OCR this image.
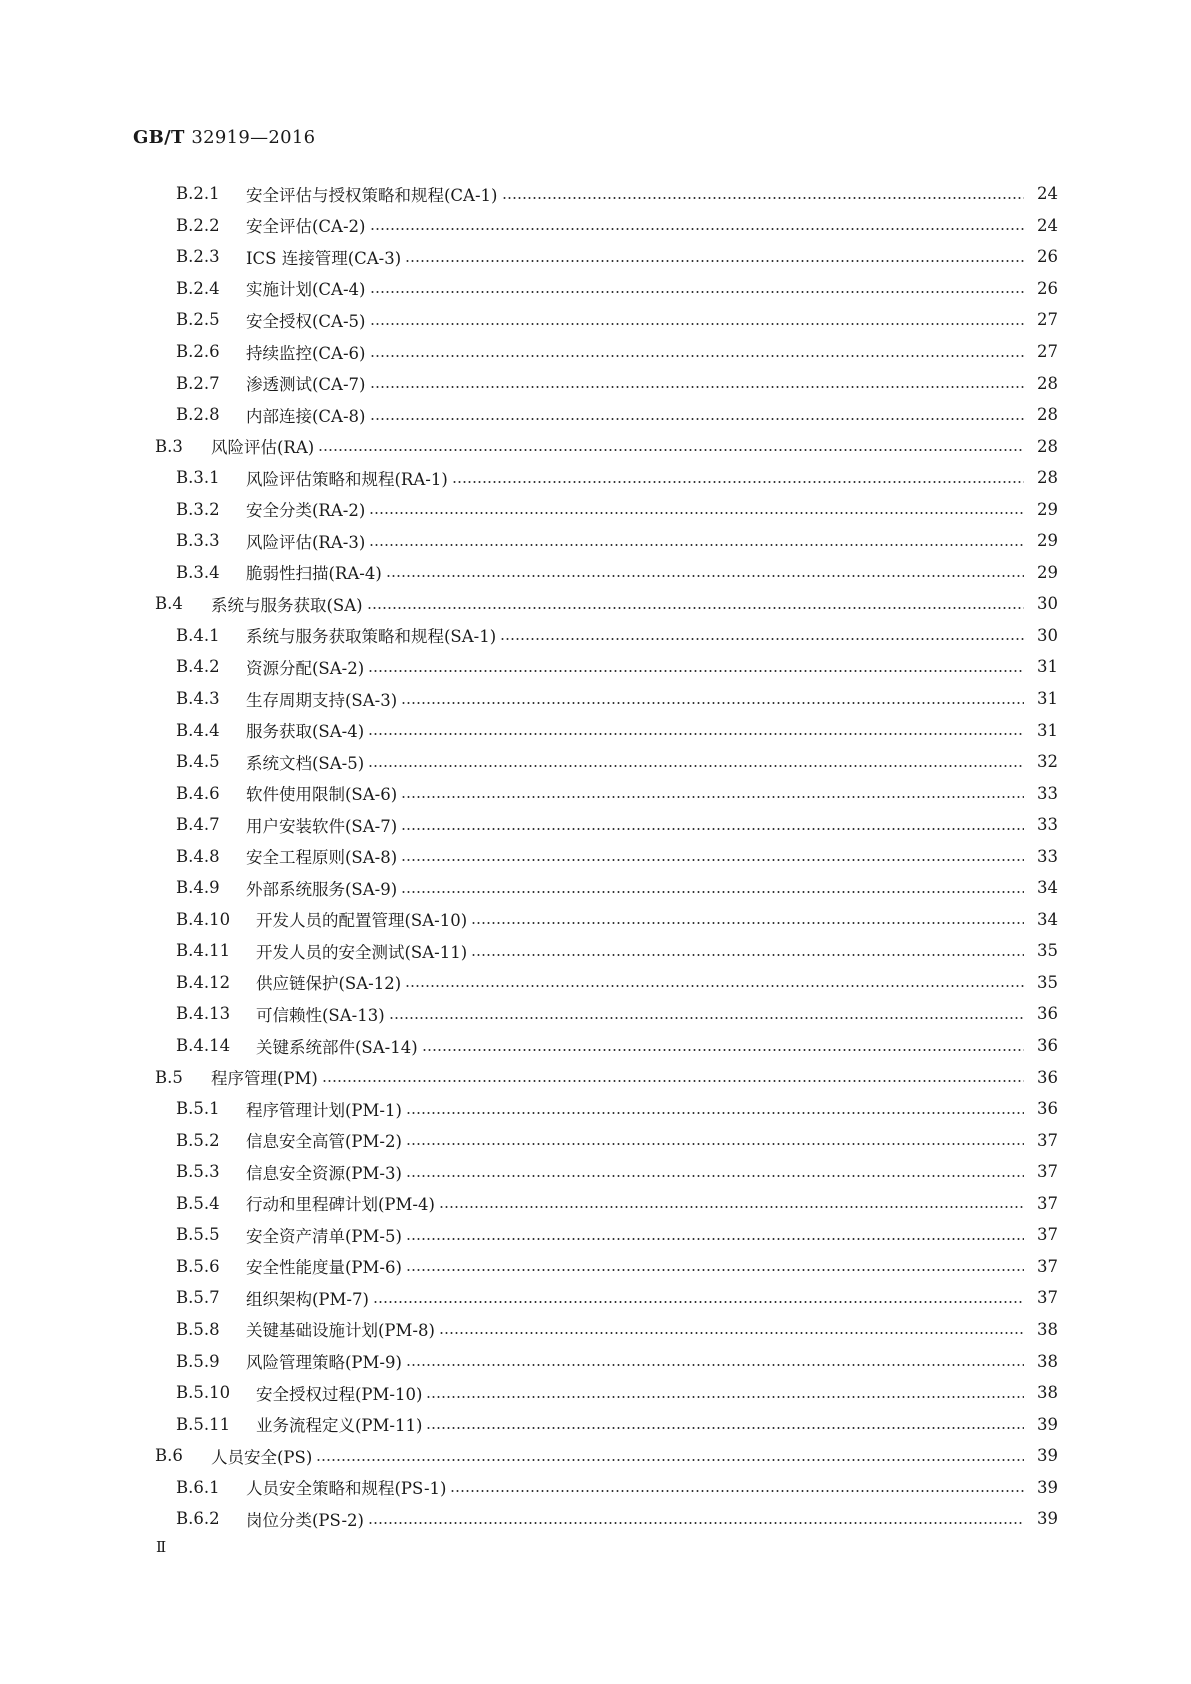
GB/T 32919—2016
B.2.1	安全评估与授权策略和规程(CA-1)	24
B.2.2	安全评估(CA-2)	24
B.2.3	ICS 连接管理(CA-3)	26
B.2.4	实施计划(CA-4)	26
B.2.5	安全授权(CA-5)	27
B.2.6	持续监控(CA-6)	27
B.2.7	渗透测试(CA-7)	28
B.2.8	内部连接(CA-8)	28
B.3	风险评估(RA)	28
B.3.1	风险评估策略和规程(RA-1)	28
B.3.2	安全分类(RA-2)	29
B.3.3	风险评估(RA-3)	29
B.3.4	脆弱性扫描(RA-4)	29
B.4	系统与服务获取(SA)	30
B.4.1	系统与服务获取策略和规程(SA-1)	30
B.4.2	资源分配(SA-2)	31
B.4.3	生存周期支持(SA-3)	31
B.4.4	服务获取(SA-4)	31
B.4.5	系统文档(SA-5)	32
B.4.6	软件使用限制(SA-6)	33
B.4.7	用户安装软件(SA-7)	33
B.4.8	安全工程原则(SA-8)	33
B.4.9	外部系统服务(SA-9)	34
B.4.10	开发人员的配置管理(SA-10)	34
B.4.11	开发人员的安全测试(SA-11)	35
B.4.12	供应链保护(SA-12)	35
B.4.13	可信赖性(SA-13)	36
B.4.14	关键系统部件(SA-14)	36
B.5	程序管理(PM)	36
B.5.1	程序管理计划(PM-1)	36
B.5.2	信息安全高管(PM-2)	37
B.5.3	信息安全资源(PM-3)	37
B.5.4	行动和里程碑计划(PM-4)	37
B.5.5	安全资产清单(PM-5)	37
B.5.6	安全性能度量(PM-6)	37
B.5.7	组织架构(PM-7)	37
B.5.8	关键基础设施计划(PM-8)	38
B.5.9	风险管理策略(PM-9)	38
B.5.10	安全授权过程(PM-10)	38
B.5.11	业务流程定义(PM-11)	39
B.6	人员安全(PS)	39
B.6.1	人员安全策略和规程(PS-1)	39
B.6.2	岗位分类(PS-2)	39
Ⅱ
